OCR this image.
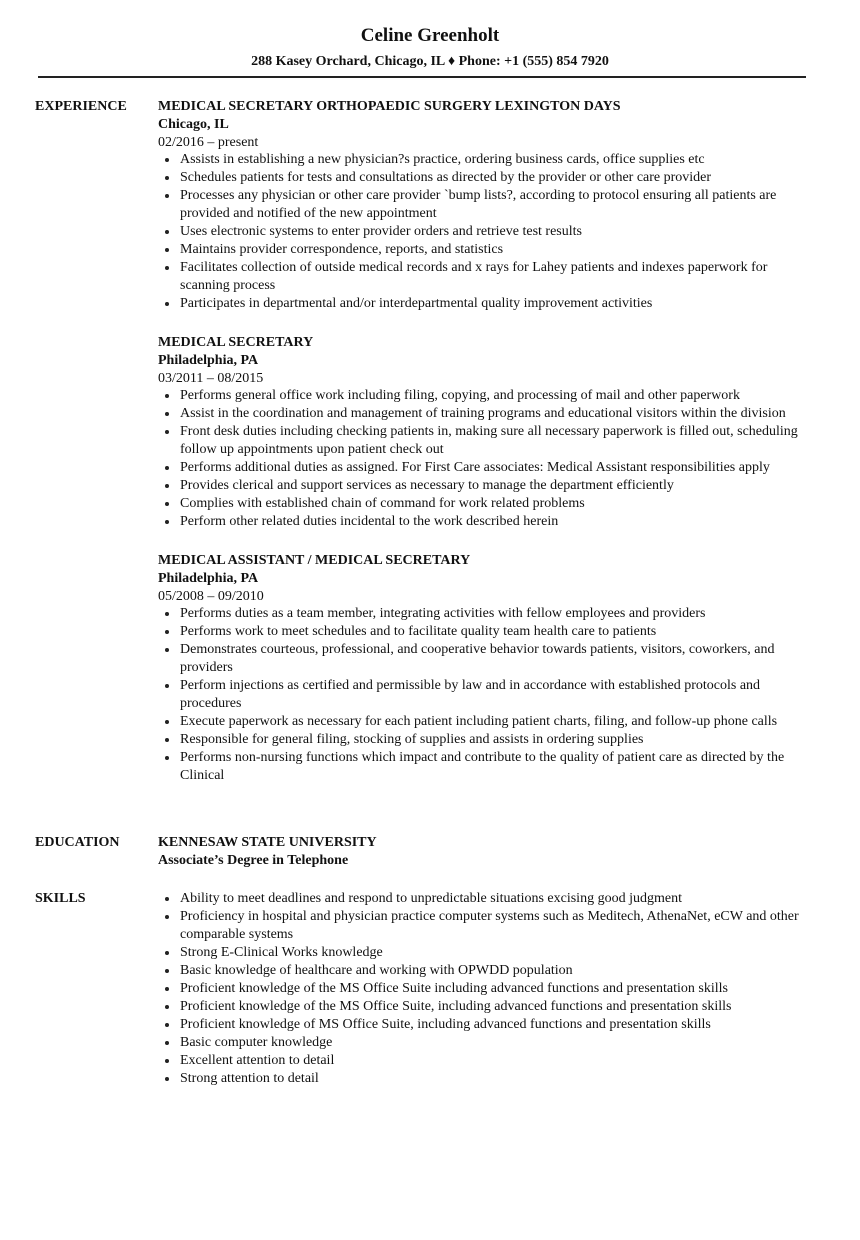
Celine Greenholt
288 Kasey Orchard, Chicago, IL ♦ Phone: +1 (555) 854 7920
EXPERIENCE MEDICAL SECRETARY ORTHOPAEDIC SURGERY LEXINGTON DAYS
Chicago, IL
02/2016 – present
Assists in establishing a new physician?s practice, ordering business cards, office supplies etc
Schedules patients for tests and consultations as directed by the provider or other care provider
Processes any physician or other care provider `bump lists?, according to protocol ensuring all patients are provided and notified of the new appointment
Uses electronic systems to enter provider orders and retrieve test results
Maintains provider correspondence, reports, and statistics
Facilitates collection of outside medical records and x rays for Lahey patients and indexes paperwork for scanning process
Participates in departmental and/or interdepartmental quality improvement activities
MEDICAL SECRETARY
Philadelphia, PA
03/2011 – 08/2015
Performs general office work including filing, copying, and processing of mail and other paperwork
Assist in the coordination and management of training programs and educational visitors within the division
Front desk duties including checking patients in, making sure all necessary paperwork is filled out, scheduling follow up appointments upon patient check out
Performs additional duties as assigned. For First Care associates: Medical Assistant responsibilities apply
Provides clerical and support services as necessary to manage the department efficiently
Complies with established chain of command for work related problems
Perform other related duties incidental to the work described herein
MEDICAL ASSISTANT / MEDICAL SECRETARY
Philadelphia, PA
05/2008 – 09/2010
Performs duties as a team member, integrating activities with fellow employees and providers
Performs work to meet schedules and to facilitate quality team health care to patients
Demonstrates courteous, professional, and cooperative behavior towards patients, visitors, coworkers, and providers
Perform injections as certified and permissible by law and in accordance with established protocols and procedures
Execute paperwork as necessary for each patient including patient charts, filing, and follow-up phone calls
Responsible for general filing, stocking of supplies and assists in ordering supplies
Performs non-nursing functions which impact and contribute to the quality of patient care as directed by the Clinical
EDUCATION	KENNESAW STATE UNIVERSITY
Associate’s Degree in Telephone
SKILLS	Ability to meet deadlines and respond to unpredictable situations excising good judgment
Proficiency in hospital and physician practice computer systems such as Meditech, AthenaNet, eCW and other comparable systems
Strong E-Clinical Works knowledge
Basic knowledge of healthcare and working with OPWDD population
Proficient knowledge of the MS Office Suite including advanced functions and presentation skills
Proficient knowledge of the MS Office Suite, including advanced functions and presentation skills
Proficient knowledge of MS Office Suite, including advanced functions and presentation skills
Basic computer knowledge
Excellent attention to detail
Strong attention to detail
